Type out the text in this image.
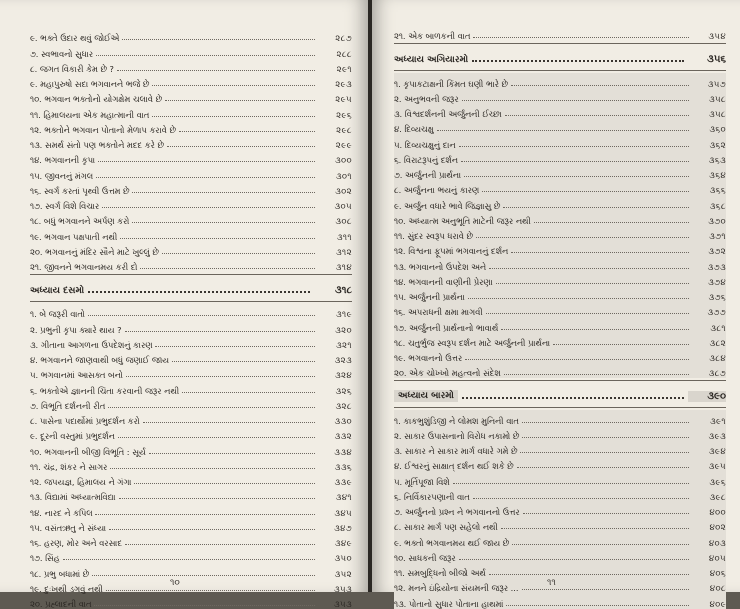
૯. ભક્તે ઉદાર થવું જોઈએ	૨૮૭
૭. સ્વભાવનો સુધાર	૨૮૮
૮. જગત વિકારી કેમ છે ?	૨૯૧
૯. મહાપુરુષો સદા ભગવાનને ભજે છે	૨૯૩
૧૦. ભગવાન ભક્તોનો યોગક્ષેમ ચલાવે છે	૨૯૫
૧૧. હિમાલયના એક મહાત્માની વાત	૨૯૬
૧૨. ભક્તોને ભગવાન પોતાનો મેળાપ કરાવે છે	૨૯૮
૧૩. સમર્થ સંતો પણ ભક્તોને મદદ કરે છે	૨૯૯
૧૪. ભગવાનની કૃપા	૩૦૦
૧૫. જીવનનું મંગલ	૩૦૧
૧૬. સ્વર્ગ કરતાં પૃથ્વી ઉત્તમ છે	૩૦૨
૧૭. સ્વર્ગ વિશે વિચાર	૩૦૫
૧૮. બધું ભગવાનને અર્પણ કરો	૩૦૮
૧૯. ભગવાન પક્ષપાતી નથી	૩૧૧
૨૦. ભગવાનનું મંદિર સૌને માટે ખુલ્લું છે	૩૧૨
૨૧. જીવનને ભગવાનમય કરી દો	૩૧૪
અધ્યાય દસમો	૩૧૮
૧. બે જરૂરી વાતો	૩૧૯
૨. પ્રભુની કૃપા ક્યારે થાય ?	૩૨૦
૩. ગીતાના આગળના ઉપદેશનું કારણ	૩૨૧
૪. ભગવાનને જાણવાથી બધું જણાઈ જાય	૩૨૩
૫. ભગવાનમાં આસક્ત બનો	૩૨૪
૬. ભક્તોએ જ્ઞાનની ચિંતા કરવાની જરૂર નથી	૩૨૬
૭. વિભૂતિ દર્શનની રીત	૩૨૮
૮. પાસેના પદાર્થોમાં પ્રભુદર્શન કરો	૩૩૦
૯. દૂરની વસ્તુમાં પ્રભુદર્શન	૩૩૨
૧૦. ભગવાનની બીજી વિભૂતિ : સૂર્ય	૩૩૪
૧૧. ચંદ્ર, શંકર ને સાગર	૩૩૬
૧૨. જપયજ્ઞ, હિમાલય ને ગંગા	૩૩૯
૧૩. વિદ્યામાં અધ્યાત્મવિદ્યા	૩૪૧
૧૪. નારદ ને કપિલ	૩૪૫
૧૫. વસંતઋતુ ને સંધ્યા	૩૪૭
૧૬. હરણ, મોર અને વરસાદ	૩૪૯
૧૭. સિંહ	૩૫૦
૧૮. પ્રભુ બધામાં છે	૩૫૨
૧૯. દુઃખથી ડગવું નથી	૩૫૩
૨૦. પ્રહ્લાદની વાત	૩૫૩
૧૦
૨૧. એક બાળકની વાત	૩૫૪
અધ્યાય અગિયારમો	૩૫૬
૧. કૃપાકટાક્ષની કિંમત ઘણી ભારે છે	૩૫૭
૨. અનુભવની જરૂર	૩૫૮
૩. વિશ્વદર્શનની અર્જુનની ઈચ્છા	૩૫૮
૪. દિવ્યચક્ષુ	૩૬૦
૫. દિવ્યચક્ષુનું દાન	૩૬૨
૬. વિરાટરૂપનું દર્શન	૩૬૩
૭. અર્જુનની પ્રાર્થના	૩૬૪
૮. અર્જુનના ભયનું કારણ	૩૬૬
૯. અર્જુન વધારે ભાવે જિજ્ઞાસુ છે	૩૬૮
૧૦. અધ્યાત્મ અનુભૂતિ માટેની જરૂર નથી	૩૭૦
૧૧. સુંદર સ્વરૂપ ધરાવે છે	૩૭૧
૧૨. વિશ્વના ફૂપમાં ભગવાનનું દર્શન	૩૭૨
૧૩. ભગવાનનો ઉપદેશ અને	૩૭૩
૧૪. ભગવાનની વાણીની પ્રેરણા	૩૭૪
૧૫. અર્જુનની પ્રાર્થના	૩૭૬
૧૬. અપરાધની ક્ષમા માગવી	૩૭૭
૧૭. અર્જુનની પ્રાર્થનાનો ભાવાર્થ	૩૮૧
૧૮. ચતુર્ભુજ સ્વરૂપ દર્શન માટે અર્જુનની પ્રાર્થના	૩૮૨
૧૯. ભગવાનનો ઉત્તર	૩૮૪
૨૦. એક ચોખ્ખો મહત્વનો સંદેશ	૩૮૭
અધ્યાય બારમો	૩૯૦
૧. કાકભુશુંડિજી ને લોમશ મુનિની વાત	૩૯૧
૨. સાકાર ઉપાસનાનો વિરોધ નકામો છે	૩૯૩
૩. સાકાર ને સાકાર માર્ગ વધારે ગમે છે	૩૯૪
૪. ઈશ્વરનું સાક્ષાત્ દર્શન થઈ શકે છે	૩૯૫
૫. મૂર્તિપૂજા વિશે	૩૯૬
૬. નિર્વિકારપણાની વાત	૩૯૮
૭. અર્જુનનો પ્રશ્ન ને ભગવાનનો ઉત્તર	૪૦૦
૮. સાકાર માર્ગ પણ સહેલો નથી	૪૦૨
૯. ભક્તો ભગવાનમય થઈ જાય છે	૪૦૩
૧૦. સાધકની જરૂર	૪૦૫
૧૧. સમબુદ્ધિનો બીજો અર્થ	૪૦૬
૧૨. મનને ઇંદ્રિયોના સંયમની જરૂર ...	૪૦૮
૧૩. પોતાનો સુધાર પોતાના હાથમાં	૪૦૯
૧૧
